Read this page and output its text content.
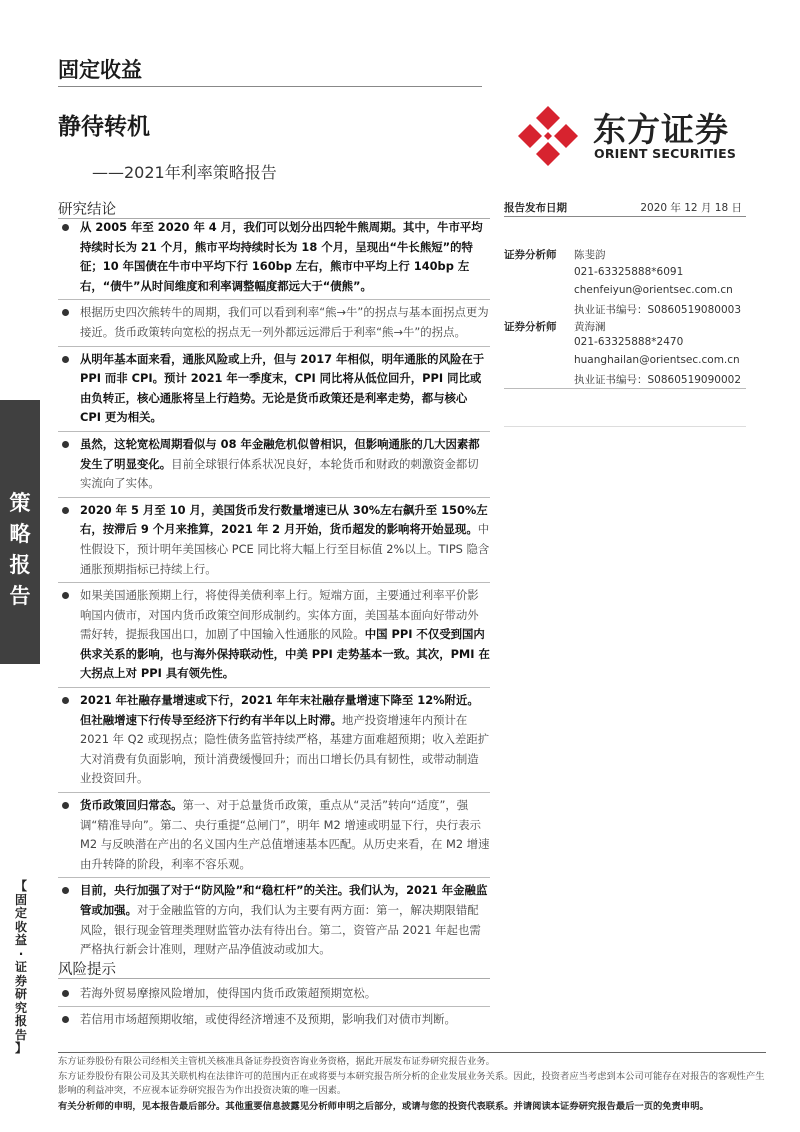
固定收益
静待转机
——2021年利率策略报告
东方证券
ORIENT SECURITIES
研究结论
从 2005 年至 2020 年 4 月，我们可以划分出四轮牛熊周期。其中，牛市平均持续时长为 21 个月，熊市平均持续时长为 18 个月，呈现出“牛长熊短”的特征；10 年国债在牛市中平均下行 160bp 左右，熊市中平均上行 140bp 左右，“债牛”从时间维度和利率调整幅度都远大于“债熊”。
根据历史四次熊转牛的周期，我们可以看到利率“熊→牛”的拐点与基本面拐点更为接近。货币政策转向宽松的拐点无一列外都远远滞后于利率“熊→牛”的拐点。
从明年基本面来看，通胀风险或上升，但与 2017 年相似，明年通胀的风险在于 PPI 而非 CPI。预计 2021 年一季度末，CPI 同比将从低位回升，PPI 同比或由负转正，核心通胀将呈上行趋势。无论是货币政策还是利率走势，都与核心 CPI 更为相关。
虽然，这轮宽松周期看似与 08 年金融危机似曾相识，但影响通胀的几大因素都发生了明显变化。目前全球银行体系状况良好，本轮货币和财政的刺激资金都切实流向了实体。
2020 年 5 月至 10 月，美国货币发行数量增速已从 30%左右飙升至 150%左右，按滞后 9 个月来推算，2021 年 2 月开始，货币超发的影响将开始显现。中性假设下，预计明年美国核心 PCE 同比将大幅上行至目标值 2%以上。TIPS 隐含通胀预期指标已持续上行。
如果美国通胀预期上行，将使得美债利率上行。短端方面，主要通过利率平价影响国内债市，对国内货币政策空间形成制约。实体方面，美国基本面向好带动外需好转，提振我国出口，加剧了中国输入性通胀的风险。中国 PPI 不仅受到国内供求关系的影响，也与海外保持联动性，中美 PPI 走势基本一致。其次，PMI 在大拐点上对 PPI 具有领先性。
2021 年社融存量增速或下行，2021 年年末社融存量增速下降至 12%附近。但社融增速下行传导至经济下行约有半年以上时滞。地产投资增速年内预计在 2021 年 Q2 或现拐点；隐性债务监管持续严格，基建方面难超预期；收入差距扩大对消费有负面影响，预计消费缓慢回升；而出口增长仍具有韧性，或带动制造业投资回升。
货币政策回归常态。第一、对于总量货币政策，重点从“灵活”转向“适度”，强调“精准导向”。第二、央行重提“总闸门”，明年 M2 增速或明显下行，央行表示 M2 与反映潜在产出的名义国内生产总值增速基本匹配。从历史来看，在 M2 增速由升转降的阶段，利率不容乐观。
目前，央行加强了对于“防风险”和“稳杠杆”的关注。我们认为，2021 年金融监管或加强。对于金融监管的方向，我们认为主要有两方面：第一，解决期限错配风险，银行现金管理类理财监管办法有待出台。第二，资管产品 2021 年起也需严格执行新会计准则，理财产品净值波动或加大。
风险提示
若海外贸易摩擦风险增加，使得国内货币政策超预期宽松。
若信用市场超预期收缩，或使得经济增速不及预期，影响我们对债市判断。
报告发布日期	2020 年 12 月 18 日
证券分析师 陈斐韵
021-63325888*6091
chenfeiyun@orientsec.com.cn
执业证书编号：S0860519080003
证券分析师 黄海澜
021-63325888*2470
huanghailan@orientsec.com.cn
执业证书编号：S0860519090002
策
略
报
告
【
固
定
收
益
·
证
券
研
究
报
告
】
东方证券股份有限公司经相关主管机关核准具备证券投资咨询业务资格，据此开展发布证券研究报告业务。
东方证券股份有限公司及其关联机构在法律许可的范围内正在或将要与本研究报告所分析的企业发展业务关系。因此，投资者应当考虑到本公司可能存在对报告的客观性产生影响的利益冲突，不应视本证券研究报告为作出投资决策的唯一因素。
有关分析师的申明，见本报告最后部分。其他重要信息披露见分析师申明之后部分，或请与您的投资代表联系。并请阅读本证券研究报告最后一页的免责申明。
